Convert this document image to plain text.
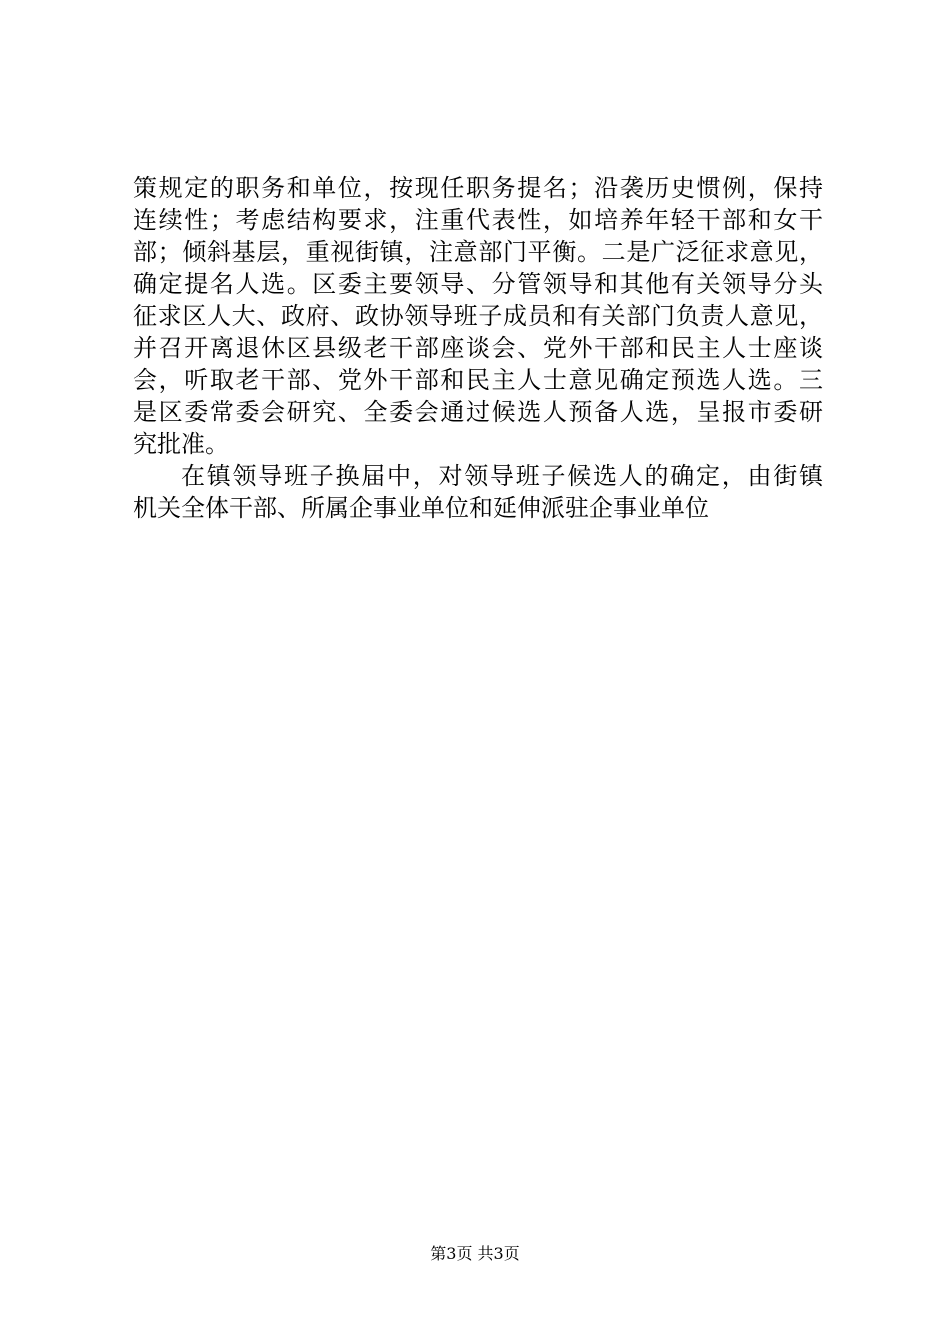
策规定的职务和单位，按现任职务提名；沿袭历史惯例，保持
连续性；考虑结构要求，注重代表性，如培养年轻干部和女干
部；倾斜基层，重视街镇，注意部门平衡。二是广泛征求意见，
确定提名人选。区委主要领导、分管领导和其他有关领导分头
征求区人大、政府、政协领导班子成员和有关部门负责人意见，
并召开离退休区县级老干部座谈会、党外干部和民主人士座谈
会，听取老干部、党外干部和民主人士意见确定预选人选。三
是区委常委会研究、全委会通过候选人预备人选，呈报市委研
究批准。
在镇领导班子换届中，对领导班子候选人的确定，由街镇
机关全体干部、所属企事业单位和延伸派驻企事业单位
第3页 共3页
